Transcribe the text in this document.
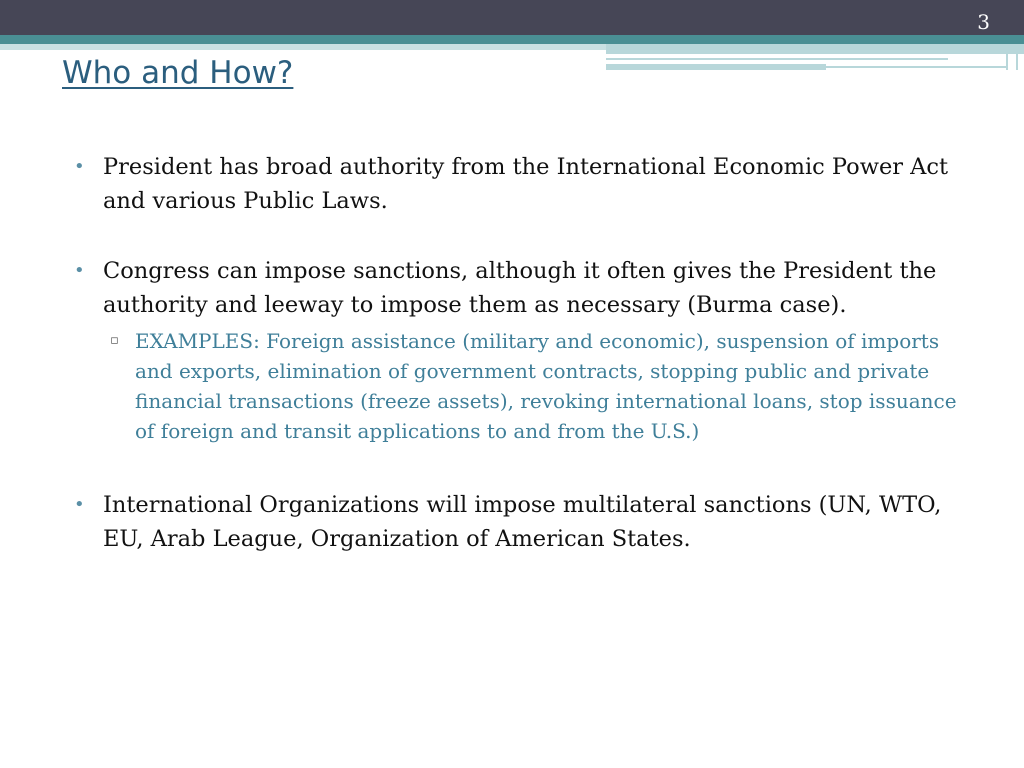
3
Who and How?
• President has broad authority from the International Economic Power Act and various Public Laws.
• Congress can impose sanctions, although it often gives the President the authority and leeway to impose them as necessary (Burma case).
▫ EXAMPLES: Foreign assistance (military and economic), suspension of imports and exports, elimination of government contracts, stopping public and private financial transactions (freeze assets), revoking international loans, stop issuance of foreign and transit applications to and from the U.S.)
• International Organizations will impose multilateral sanctions (UN, WTO, EU, Arab League, Organization of American States.
